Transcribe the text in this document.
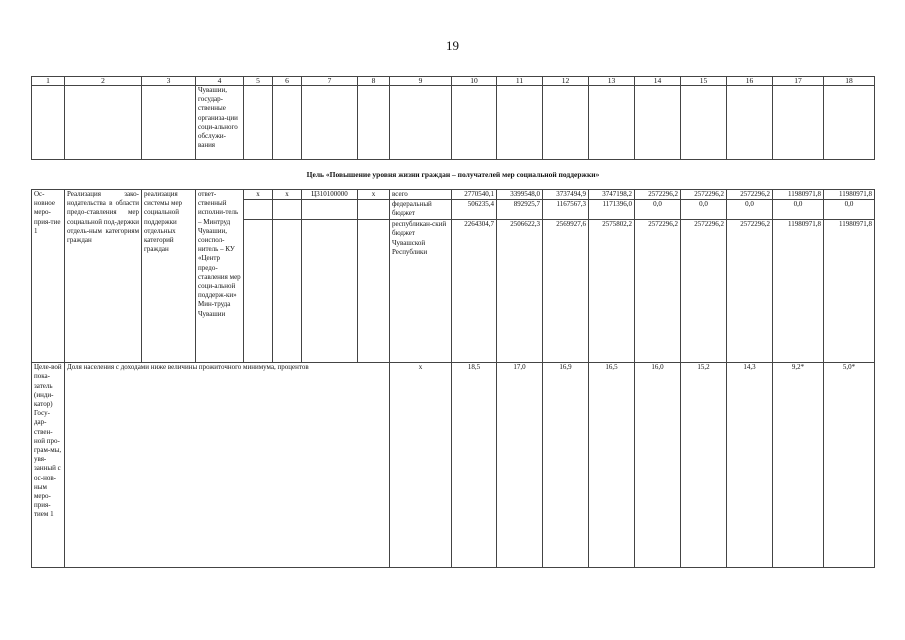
19
1	2	3	4	5	6	7	8	9	10	11	12	13	14	15	16	17	18
			Чувашии, государ-ственные организа-ции соци-ального обслужи-вания														
Цель «Повышение уровня жизни граждан – получателей мер социальной поддержки»																	
Ос-новное меро-прия-тие 1	Реализация зако-нодательства в области предо-ставления мер социальной под-держки отдель-ным категориям граждан	реализация системы мер социальной поддержки отдельных категорий граждан	ответ-ственный исполни-тель – Минтруд Чувашии, соиспол-нитель – КУ «Центр предо-ставления мер соци-альной поддерж-ки» Мин-труда Чувашии	x	x	Ц310100000	x	всего	2770540,1	3399548,0	3737494,9	3747198,2	2572296,2	2572296,2	2572296,2	11980971,8	11980971,8
								федеральный бюджет	506235,4	892925,7	1167567,3	1171396,0	0,0	0,0	0,0	0,0	0,0
								республикан-ский бюджет Чувашской Республики	2264304,7	2506622,3	2569927,6	2575802,2	2572296,2	2572296,2	2572296,2	11980971,8	11980971,8
Целе-вой пока-затель (инди-катор) Госу-дар-ствен-ной про-грам-мы, увя-занный с ос-нов-ным меро-прия-тием 1	Доля населения с доходами ниже величины прожиточного минимума, процентов							x	18,5	17,0	16,9	16,5	16,0	15,2	14,3	9,2*	5,0*
